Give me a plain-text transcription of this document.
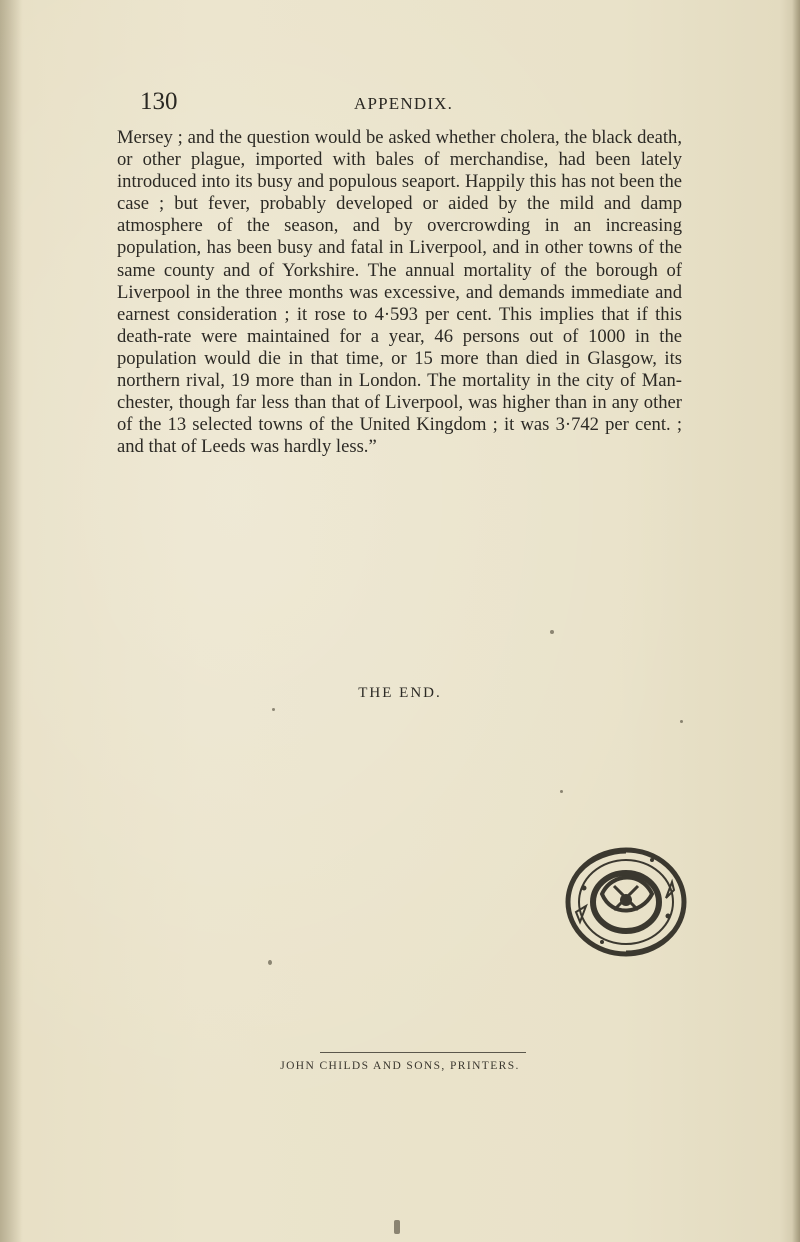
130	APPENDIX.

Mersey ; and the question would be asked whether cholera, the black death, or other plague, imported with bales of merchandise, had been lately introduced into its busy and populous seaport. Happily this has not been the case ; but fever, probably developed or aided by the mild and damp atmosphere of the season, and by overcrowding in an increasing population, has been busy and fatal in Liverpool, and in other towns of the same county and of Yorkshire. The annual mortality of the borough of Liverpool in the three months was excessive, and demands immediate and earnest consideration ; it rose to 4·593 per cent. This implies that if this death-rate were maintained for a year, 46 persons out of 1000 in the population would die in that time, or 15 more than died in Glasgow, its northern rival, 19 more than in London. The mortality in the city of Manchester, though far less than that of Liverpool, was higher than in any other of the 13 selected towns of the United Kingdom ; it was 3·742 per cent. ; and that of Leeds was hardly less.”

THE END.
JOHN CHILDS AND SONS, PRINTERS.
